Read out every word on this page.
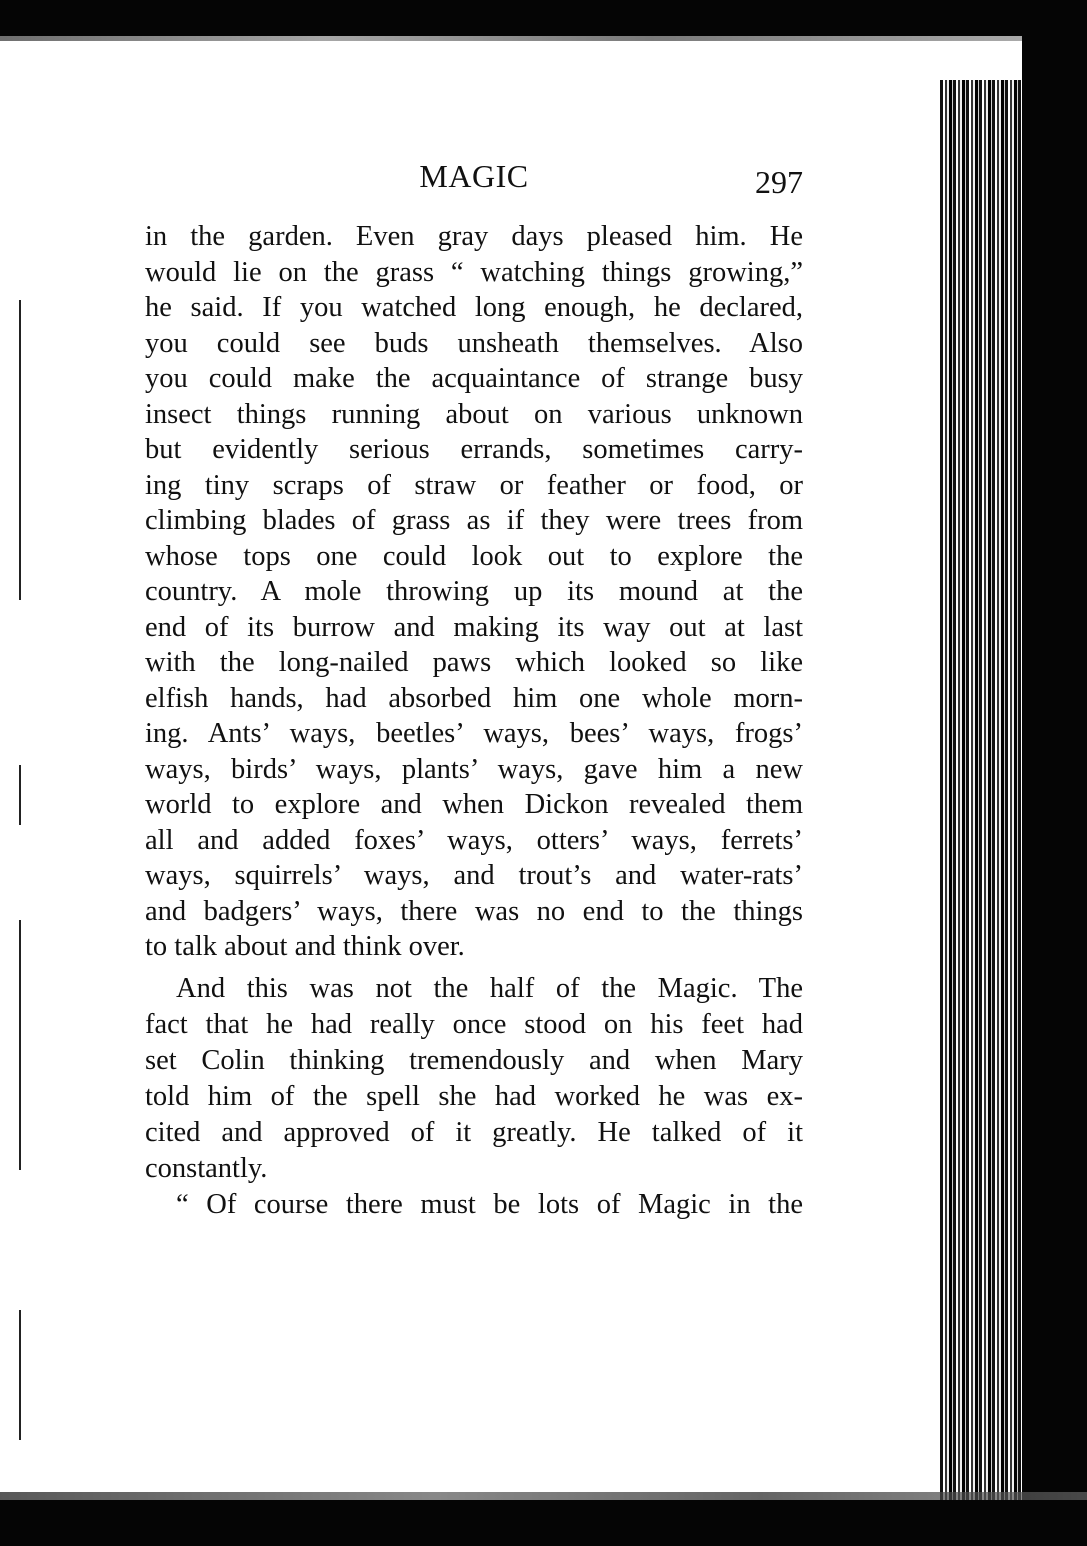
MAGIC	297
in the garden. Even gray days pleased him. He
would lie on the grass “ watching things growing,”
he said. If you watched long enough, he declared,
you could see buds unsheath themselves. Also
you could make the acquaintance of strange busy
insect things running about on various unknown
but evidently serious errands, sometimes carry-
ing tiny scraps of straw or feather or food, or
climbing blades of grass as if they were trees from
whose tops one could look out to explore the
country. A mole throwing up its mound at the
end of its burrow and making its way out at last
with the long-nailed paws which looked so like
elfish hands, had absorbed him one whole morn-
ing. Ants’ ways, beetles’ ways, bees’ ways, frogs’
ways, birds’ ways, plants’ ways, gave him a new
world to explore and when Dickon revealed them
all and added foxes’ ways, otters’ ways, ferrets’
ways, squirrels’ ways, and trout’s and water-rats’
and badgers’ ways, there was no end to the things
to talk about and think over.
And this was not the half of the Magic. The
fact that he had really once stood on his feet had
set Colin thinking tremendously and when Mary
told him of the spell she had worked he was ex-
cited and approved of it greatly. He talked of it
constantly.
“ Of course there must be lots of Magic in the
